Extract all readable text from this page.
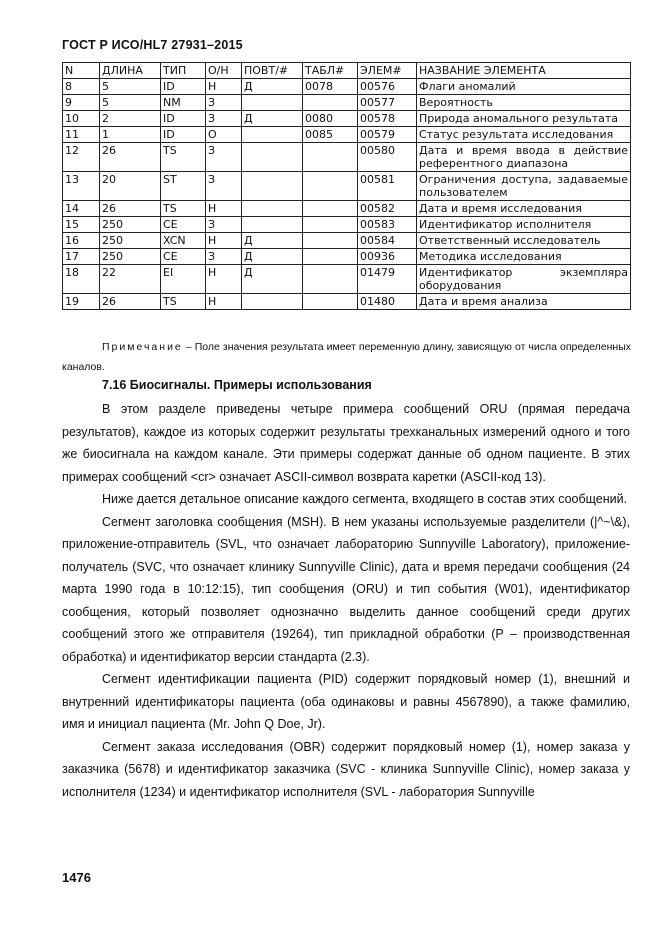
ГОСТ Р ИСО/HL7 27931–2015
N	ДЛИНА	ТИП	О/Н	ПОВТ/#	ТАБЛ#	ЭЛЕМ#	НАЗВАНИЕ ЭЛЕМЕНТА
8	5	ID	Н	Д	0078	00576	Флаги аномалий
9	5	NM	З			00577	Вероятность
10	2	ID	З	Д	0080	00578	Природа аномального результата
11	1	ID	О		0085	00579	Статус результата исследования
12	26	TS	З			00580	Дата и время ввода в действие референтного диапазона
13	20	ST	З			00581	Ограничения доступа, задаваемые пользователем
14	26	TS	Н			00582	Дата и время исследования
15	250	CE	З			00583	Идентификатор исполнителя
16	250	XCN	Н	Д		00584	Ответственный исследователь
17	250	CE	З	Д		00936	Методика исследования
18	22	EI	Н	Д		01479	Идентификатор экземпляра оборудования
19	26	TS	Н			01480	Дата и время анализа
Примечание – Поле значения результата имеет переменную длину, зависящую от числа определенных каналов.
7.16 Биосигналы. Примеры использования

В этом разделе приведены четыре примера сообщений ORU (прямая передача результатов), каждое из которых содержит результаты трехканальных измерений одного и того же биосигнала на каждом канале. Эти примеры содержат данные об одном пациенте. В этих примерах сообщений <cr> означает ASCII-символ возврата каретки (ASCII-код 13).

Ниже дается детальное описание каждого сегмента, входящего в состав этих сообщений.

Сегмент заголовка сообщения (MSH). В нем указаны используемые разделители (|^~\&), приложение-отправитель (SVL, что означает лабораторию Sunnyville Laboratory), приложение-получатель (SVC, что означает клинику Sunnyville Clinic), дата и время передачи сообщения (24 марта 1990 года в 10:12:15), тип сообщения (ORU) и тип события (W01), идентификатор сообщения, который позволяет однозначно выделить данное сообщений среди других сообщений этого же отправителя (19264), тип прикладной обработки (P – производственная обработка) и идентификатор версии стандарта (2.3).

Сегмент идентификации пациента (PID) содержит порядковый номер (1), внешний и внутренний идентификаторы пациента (оба одинаковы и равны 4567890), а также фамилию, имя и инициал пациента (Mr. John Q Doe, Jr).

Сегмент заказа исследования (OBR) содержит порядковый номер (1), номер заказа у заказчика (5678) и идентификатор заказчика (SVC - клиника Sunnyville Clinic), номер заказа у исполнителя (1234) и идентификатор исполнителя (SVL - лаборатория Sunnyville

1476
